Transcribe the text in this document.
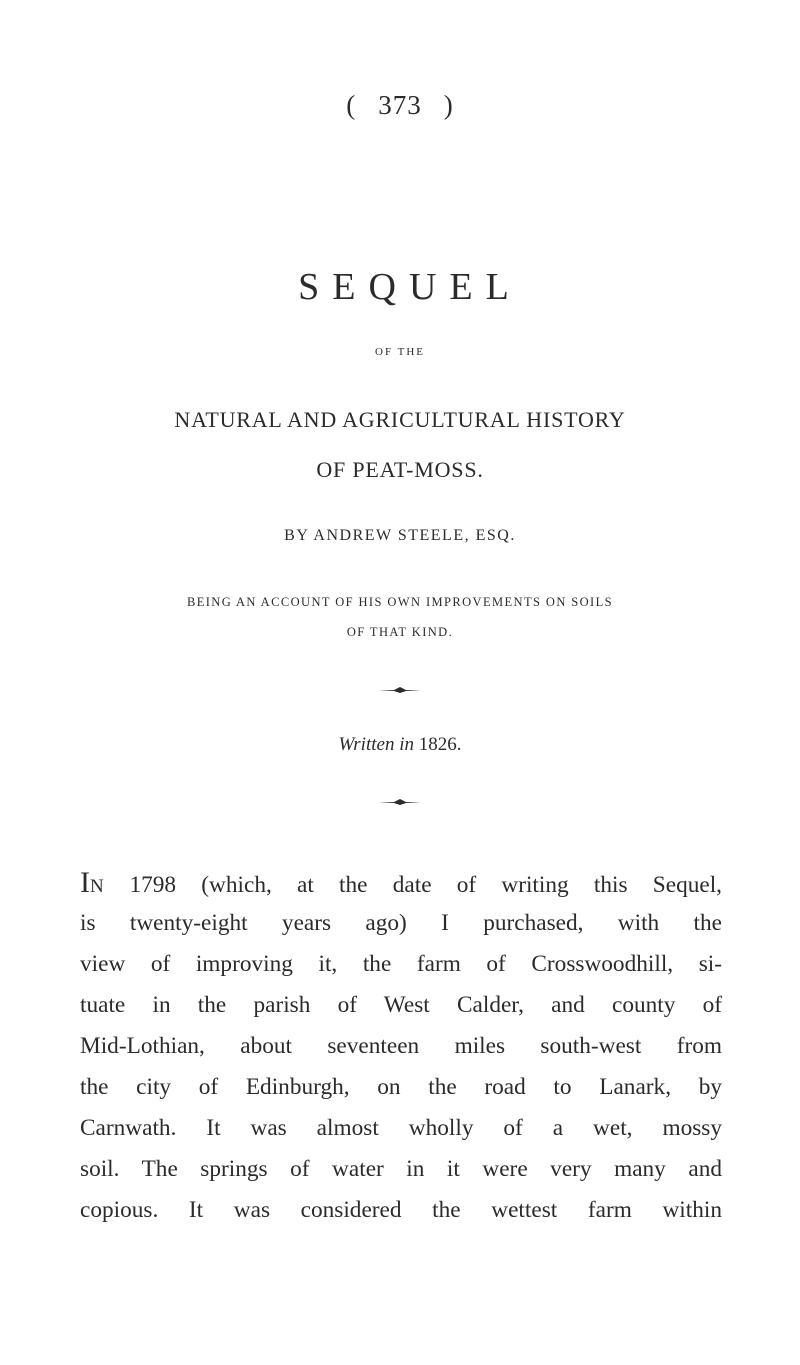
( 373 )
SEQUEL
OF THE
NATURAL AND AGRICULTURAL HISTORY
OF PEAT-MOSS.
BY ANDREW STEELE, ESQ.
BEING AN ACCOUNT OF HIS OWN IMPROVEMENTS ON SOILS
OF THAT KIND.
Written in 1826.
IN 1798 (which, at the date of writing this Sequel,
is twenty-eight years ago) I purchased, with the
view of improving it, the farm of Crosswoodhill, si-
tuate in the parish of West Calder, and county of
Mid-Lothian, about seventeen miles south-west from
the city of Edinburgh, on the road to Lanark, by
Carnwath. It was almost wholly of a wet, mossy
soil. The springs of water in it were very many and
copious. It was considered the wettest farm within
